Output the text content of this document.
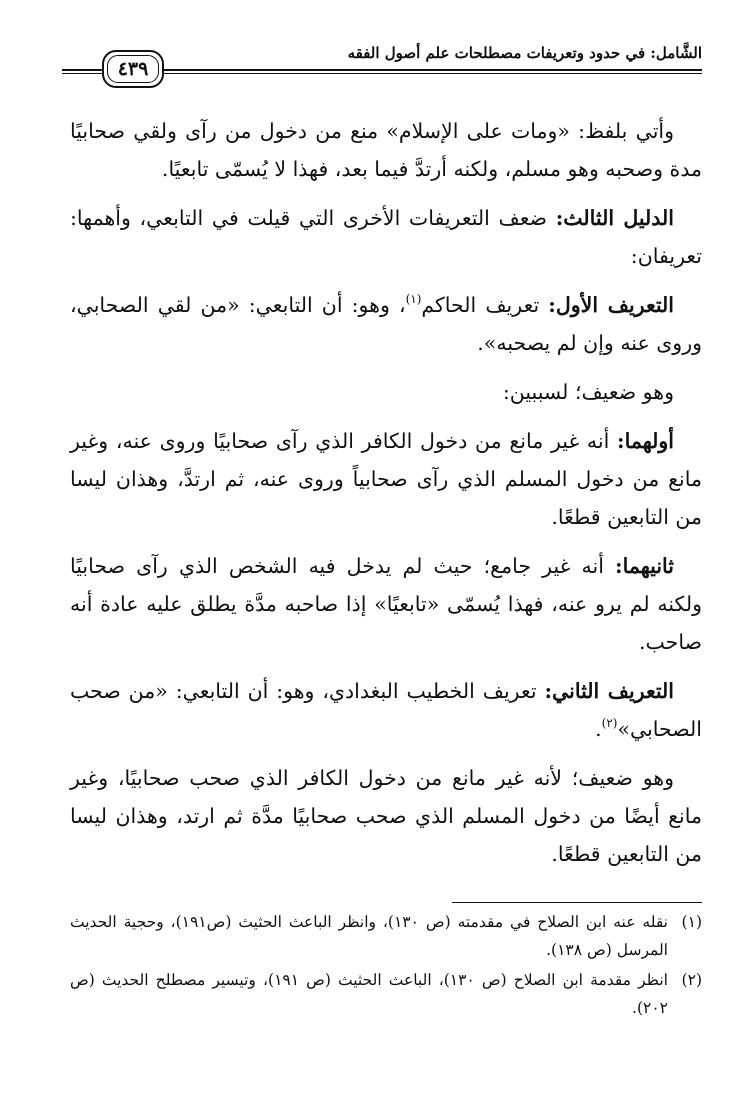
الشَّامل: في حدود وتعريفات مصطلحات علم أصول الفقه
٤٣٩

وأتي بلفظ: «ومات على الإسلام» منع من دخول من رآى ولقي صحابيًا مدة وصحبه وهو مسلم، ولكنه أرتدَّ فيما بعد، فهذا لا يُسمّى تابعيًا.

الدليل الثالث: ضعف التعريفات الأخرى التي قيلت في التابعي، وأهمها: تعريفان:

التعريف الأول: تعريف الحاكم$^{(١)}$، وهو: أن التابعي: «من لقي الصحابي، وروى عنه وإن لم يصحبه».

وهو ضعيف؛ لسببين:

أولهما: أنه غير مانع من دخول الكافر الذي رآى صحابيًا وروى عنه، وغير مانع من دخول المسلم الذي رآى صحابياً وروى عنه، ثم ارتدَّ، وهذان ليسا من التابعين قطعًا.

ثانيهما: أنه غير جامع؛ حيث لم يدخل فيه الشخص الذي رآى صحابيًا ولكنه لم يرو عنه، فهذا يُسمّى «تابعيًا» إذا صاحبه مدَّة يطلق عليه عادة أنه صاحب.

التعريف الثاني: تعريف الخطيب البغدادي، وهو: أن التابعي: «من صحب الصحابي»$^{(٢)}$.

وهو ضعيف؛ لأنه غير مانع من دخول الكافر الذي صحب صحابيًا، وغير مانع أيضًا من دخول المسلم الذي صحب صحابيًا مدَّة ثم ارتد، وهذان ليسا من التابعين قطعًا.

(١)
نقله عنه ابن الصلاح في مقدمته (ص ١٣٠)، وانظر الباعث الحثيث (ص١٩١)، وحجية الحديث المرسل (ص ١٣٨).
(٢)
انظر مقدمة ابن الصلاح (ص ١٣٠)، الباعث الحثيث (ص ١٩١)، وتيسير مصطلح الحديث (ص ٢٠٢).
